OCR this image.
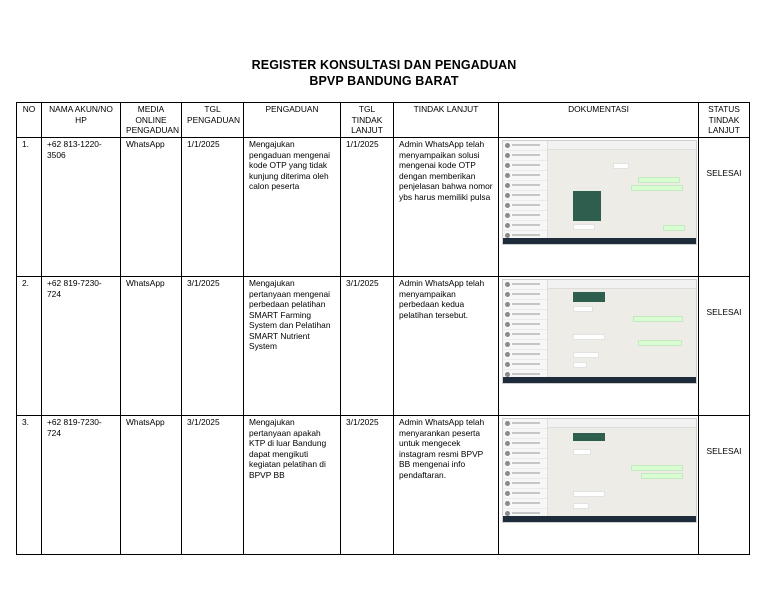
REGISTER KONSULTASI DAN PENGADUAN
BPVP BANDUNG BARAT
NO	NAMA AKUN/NO HP	MEDIA ONLINE PENGADUAN	TGL PENGADUAN	PENGADUAN	TGL TINDAK LANJUT	TINDAK LANJUT	DOKUMENTASI	STATUS TINDAK LANJUT
1.	+62 813-1220-3506	WhatsApp	1/1/2025	Mengajukan pengaduan mengenai kode OTP yang tidak kunjung diterima oleh calon peserta	1/1/2025	Admin WhatsApp telah menyampaikan solusi mengenai kode OTP dengan memberikan penjelasan bahwa nomor ybs harus memiliki pulsa		SELESAI
2.	+62 819-7230-724	WhatsApp	3/1/2025	Mengajukan pertanyaan mengenai perbedaan pelatihan SMART Farming System dan Pelatihan SMART Nutrient System	3/1/2025	Admin WhatsApp telah menyampaikan perbedaan kedua pelatihan tersebut.		SELESAI
3.	+62 819-7230-724	WhatsApp	3/1/2025	Mengajukan pertanyaan apakah KTP di luar Bandung dapat mengikuti kegiatan pelatihan di BPVP BB	3/1/2025	Admin WhatsApp telah menyarankan peserta untuk mengecek instagram resmi BPVP BB mengenai info pendaftaran.		SELESAI
